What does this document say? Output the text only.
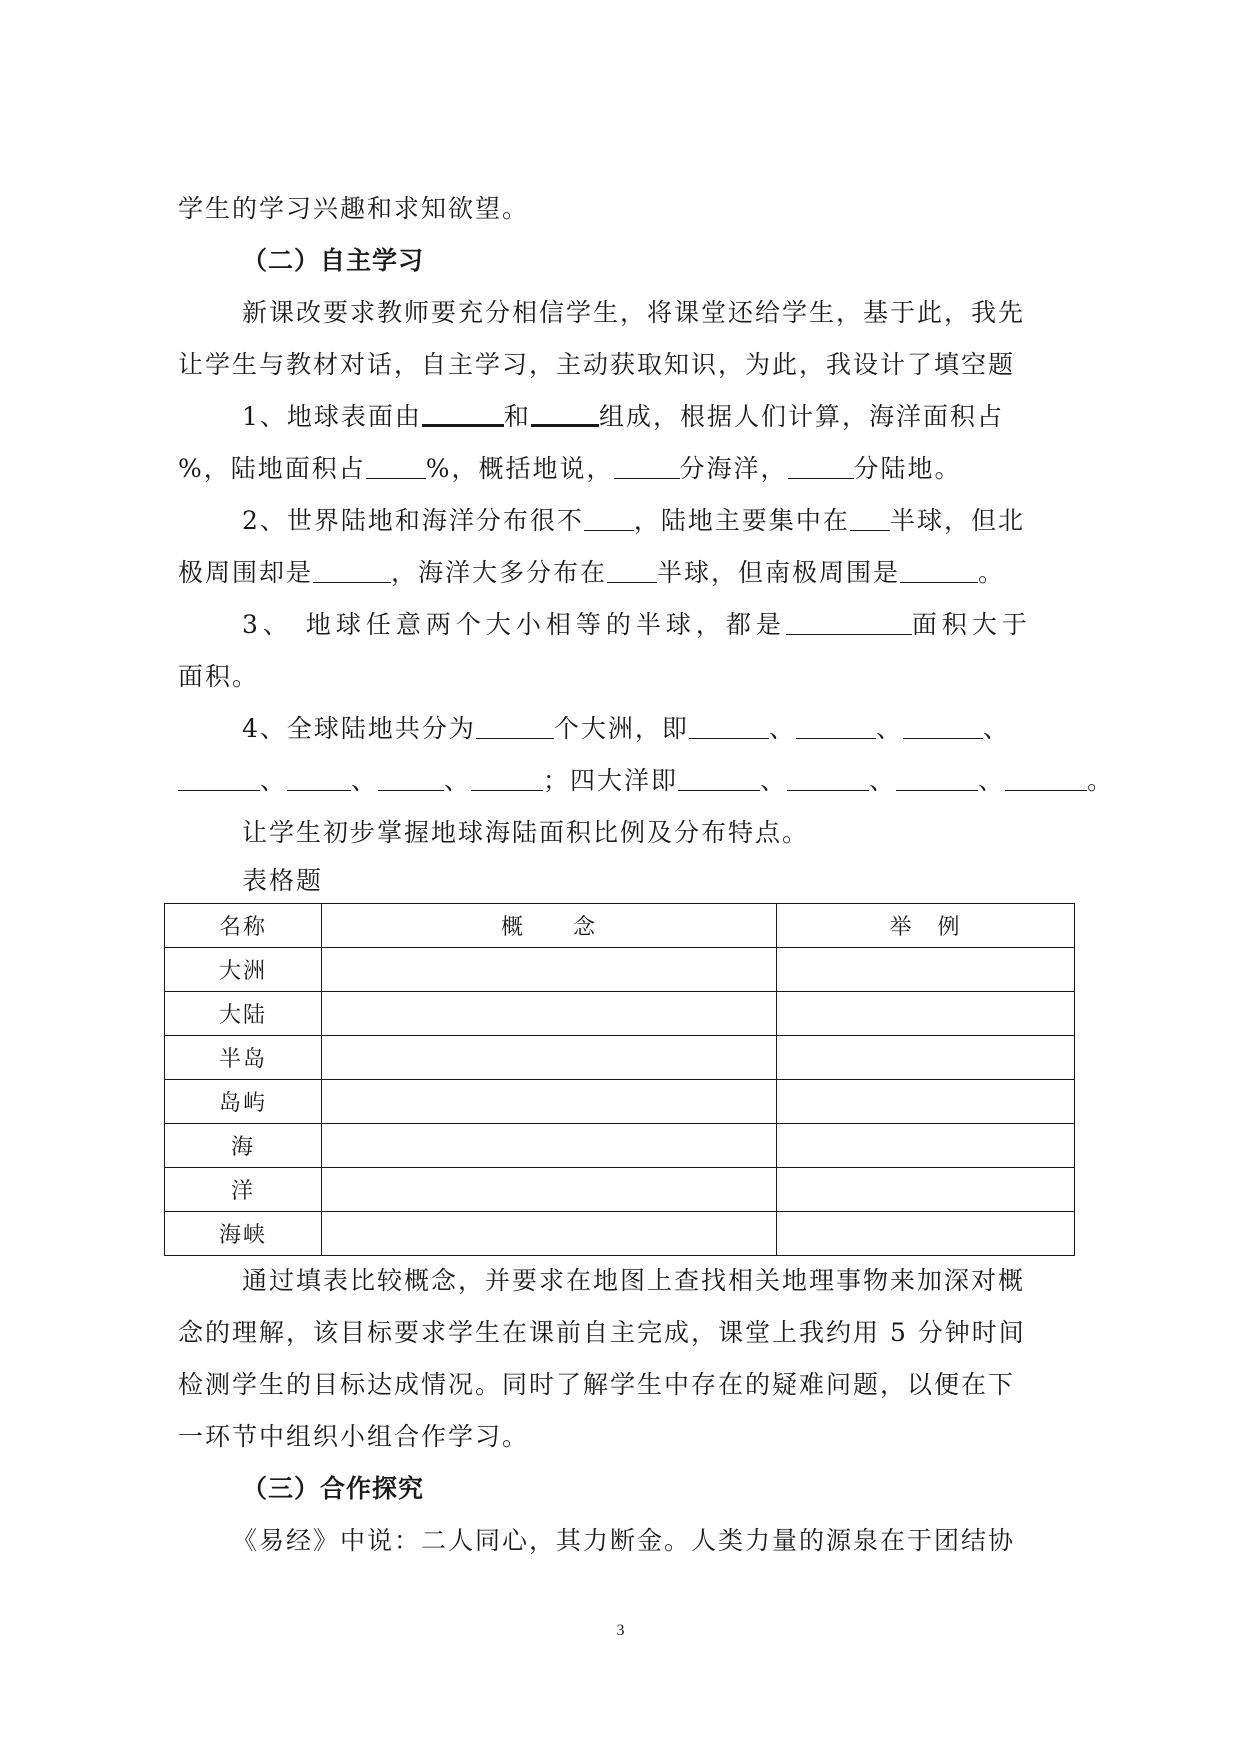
学生的学习兴趣和求知欲望。
（二）自主学习
新课改要求教师要充分相信学生，将课堂还给学生，基于此，我先
让学生与教材对话，自主学习，主动获取知识，为此，我设计了填空题
1、地球表面由	和	组成，根据人们计算，海洋面积占
%，陆地面积占 %，概括地说，	分海洋，	分陆地。
2、世界陆地和海洋分布很不 ，陆地主要集中在 半球，但北
极周围却是	，海洋大多分布在 半球，但南极周围是	。
3、 地球任意两个大小相等的半球，都是	面积大于
面积。
4、全球陆地共分为	个大洲，即	、	、	、
、	、	、	；四大洋即	、	、	、	。
让学生初步掌握地球海陆面积比例及分布特点。
表格题
名称	概　　念	举　例
大洲		
大陆		
半岛		
岛屿		
海		
洋		
海峡		
通过填表比较概念，并要求在地图上查找相关地理事物来加深对概
念的理解，该目标要求学生在课前自主完成，课堂上我约用 5 分钟时间
检测学生的目标达成情况。同时了解学生中存在的疑难问题，以便在下
一环节中组织小组合作学习。
（三）合作探究
《易经》中说：二人同心，其力断金。人类力量的源泉在于团结协
3
